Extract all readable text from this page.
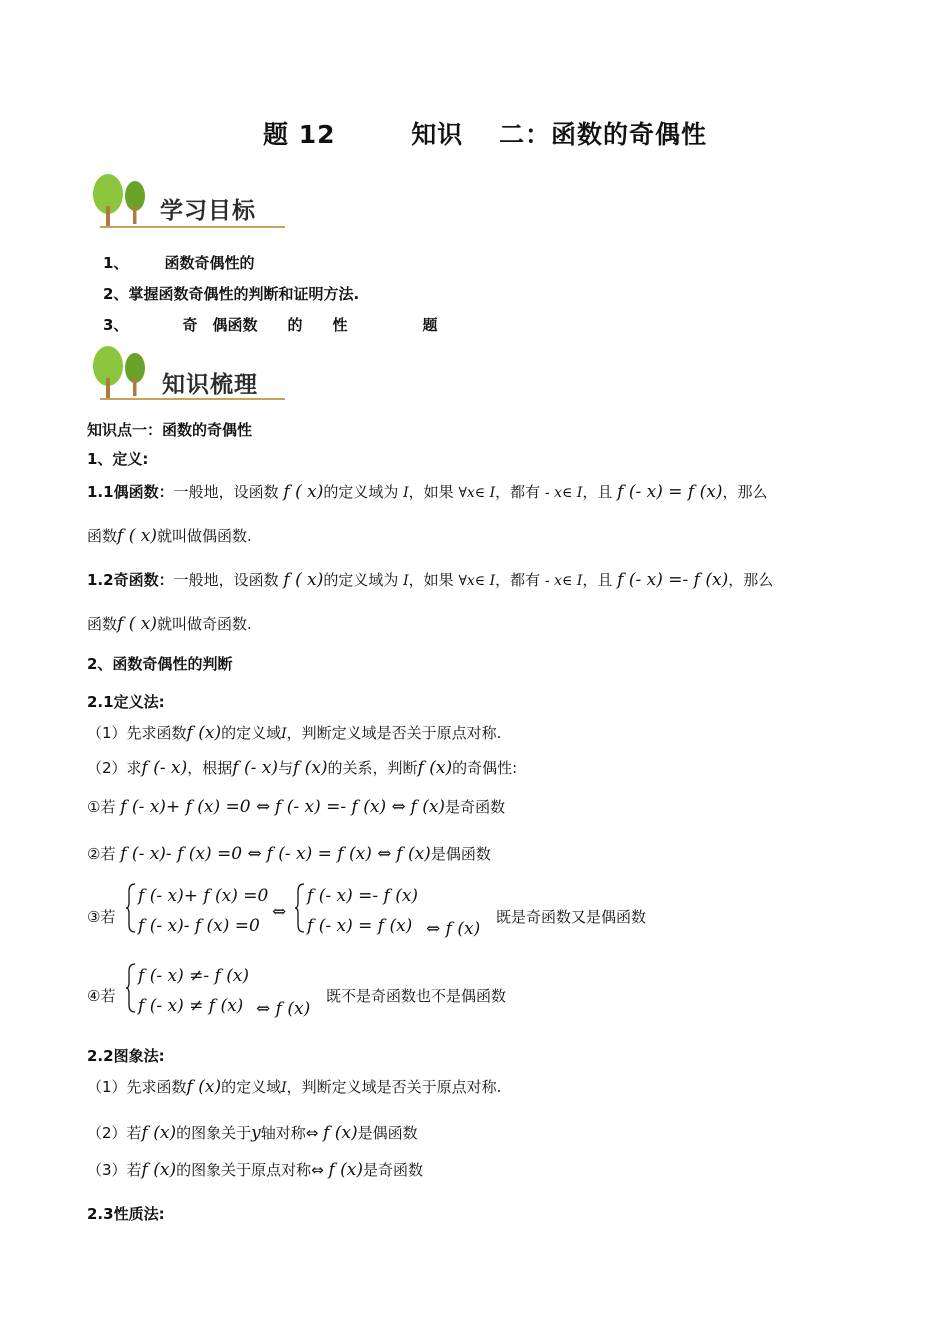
题 12	知识 二：函数的奇偶性
学习目标
1、 函数奇偶性的
2、掌握函数奇偶性的判断和证明方法.
3、	奇　偶函数　　的　　性　　　　　题
知识梳理
知识点一：函数的奇偶性
1、定义:
1.1偶函数：一般地，设函数 f ( x)的定义域为 I，如果 ∀x∈ I，都有 - x∈ I，且 f (- x) = f (x)，那么
函数f ( x)就叫做偶函数.
1.2奇函数：一般地，设函数 f ( x)的定义域为 I，如果 ∀x∈ I，都有 - x∈ I，且 f (- x) =- f (x)，那么
函数f ( x)就叫做奇函数.
2、函数奇偶性的判断
2.1定义法:
（1）先求函数f (x)的定义域I，判断定义域是否关于原点对称.
（2）求f (- x)，根据f (- x)与f (x)的关系，判断f (x)的奇偶性:
①若 f (- x)+ f (x) =0 ⇔ f (- x) =- f (x) ⇔ f (x)是奇函数
②若 f (- x)- f (x) =0 ⇔ f (- x) = f (x) ⇔ f (x)是偶函数
③若
f (- x)+ f (x) =0
f (- x)- f (x) =0
⇔
f (- x) =- f (x)
f (- x) = f (x) ⇔ f (x)
既是奇函数又是偶函数
④若
f (- x) ≠- f (x)
f (- x) ≠ f (x) ⇔ f (x)
既不是奇函数也不是偶函数
2.2图象法:
（1）先求函数f (x)的定义域I，判断定义域是否关于原点对称.
（2）若f (x)的图象关于y轴对称⇔ f (x)是偶函数
（3）若f (x)的图象关于原点对称⇔ f (x)是奇函数
2.3性质法:
